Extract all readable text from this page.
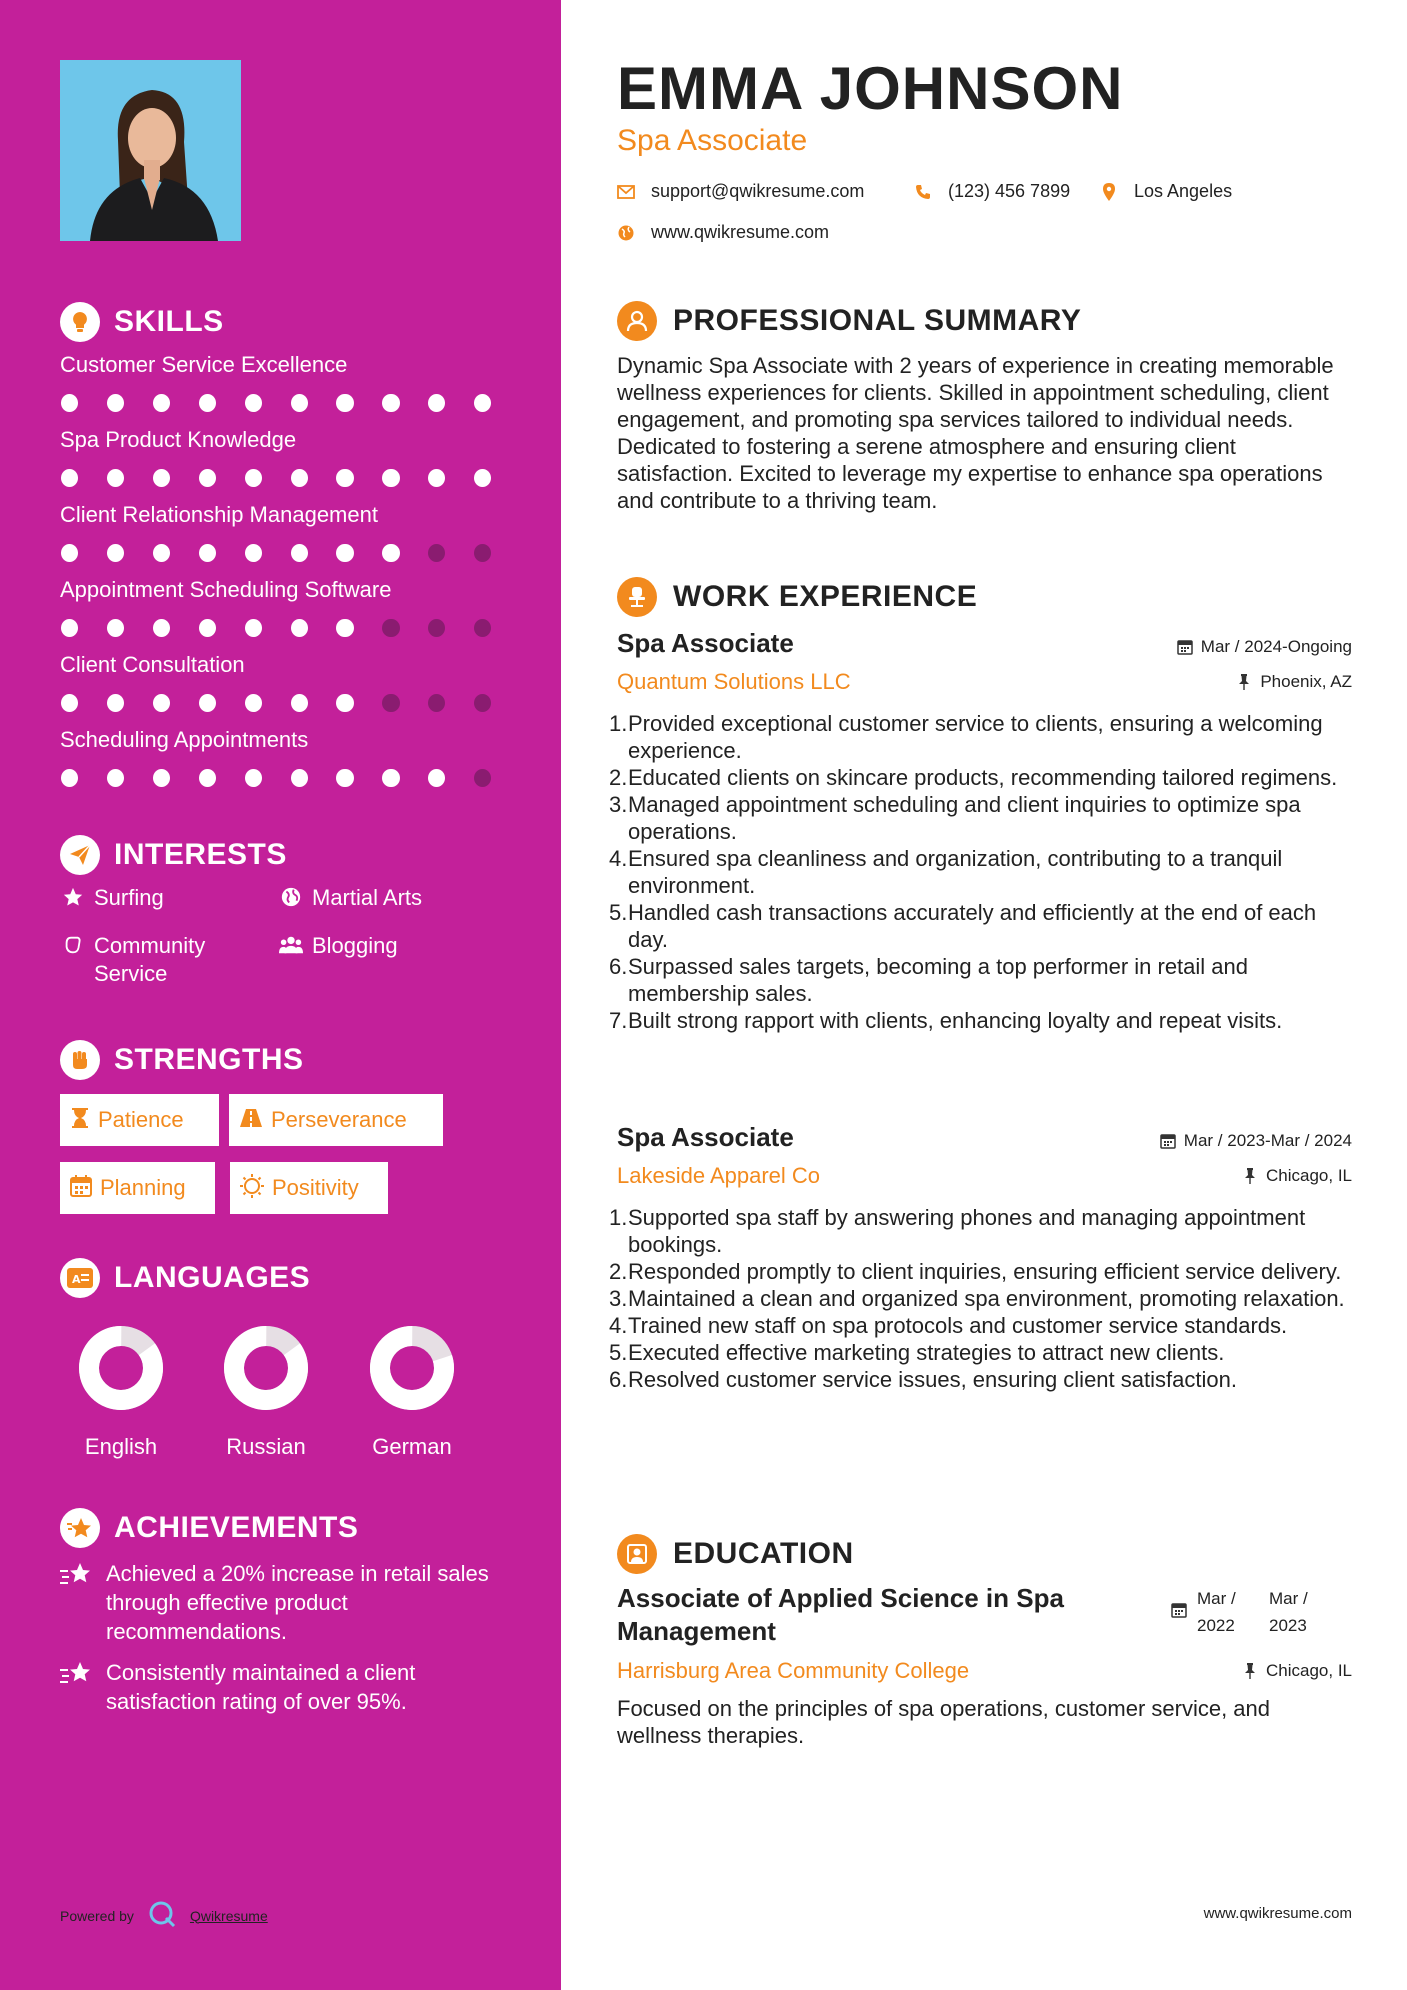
SKILLS
INTERESTS
Surfing	Martial Arts
Community Service
Blogging
STRENGTHS
Patience	Perseverance
Planning	Positivity
A LANGUAGES
English	Russian	German
ACHIEVEMENTS
Achieved a 20% increase in retail sales through effective product recommendations.
Consistently maintained a client satisfaction rating of over 95%.
Powered by	Qwikresume
Customer Service Excellence
Spa Product Knowledge
Client Relationship Management
Appointment Scheduling Software
Client Consultation
Scheduling Appointments
EMMA JOHNSON
Spa Associate
support@qwikresume.com	(123) 456 7899	Los Angeles
www.qwikresume.com
PROFESSIONAL SUMMARY
Dynamic Spa Associate with 2 years of experience in creating memorable wellness experiences for clients. Skilled in appointment scheduling, client engagement, and promoting spa services tailored to individual needs. Dedicated to fostering a serene atmosphere and ensuring client satisfaction. Excited to leverage my expertise to enhance spa operations and contribute to a thriving team.
WORK EXPERIENCE
Spa Associate	Mar / 2024-Ongoing
Quantum Solutions LLC	Phoenix, AZ
1. Provided exceptional customer service to clients, ensuring a welcoming experience.
2. Educated clients on skincare products, recommending tailored regimens.
3. Managed appointment scheduling and client inquiries to optimize spa operations.
4. Ensured spa cleanliness and organization, contributing to a tranquil environment.
5. Handled cash transactions accurately and efficiently at the end of each day.
6. Surpassed sales targets, becoming a top performer in retail and membership sales.
7. Built strong rapport with clients, enhancing loyalty and repeat visits.
Spa Associate	Mar / 2023-Mar / 2024
Lakeside Apparel Co	Chicago, IL
1. Supported spa staff by answering phones and managing appointment bookings.
2. Responded promptly to client inquiries, ensuring efficient service delivery.
3. Maintained a clean and organized spa environment, promoting relaxation.
4. Trained new staff on spa protocols and customer service standards.
5. Executed effective marketing strategies to attract new clients.
6. Resolved customer service issues, ensuring client satisfaction.
EDUCATION
Associate of Applied Science in Spa Management
Mar /
2022
Mar /
2023
Harrisburg Area Community College	Chicago, IL
Focused on the principles of spa operations, customer service, and wellness therapies.
www.qwikresume.com
